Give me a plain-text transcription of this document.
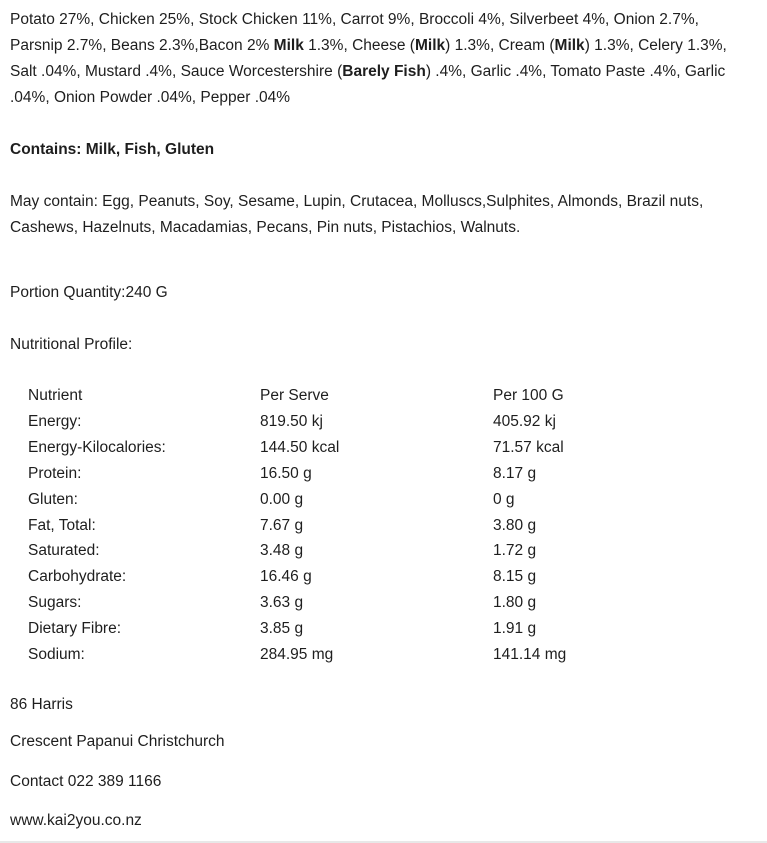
Potato 27%, Chicken 25%, Stock Chicken 11%, Carrot 9%, Broccoli 4%, Silverbeet 4%, Onion 2.7%, Parsnip 2.7%, Beans 2.3%,Bacon 2% Milk 1.3%, Cheese (Milk) 1.3%, Cream (Milk) 1.3%, Celery 1.3%, Salt .04%, Mustard .4%, Sauce Worcestershire (Barely Fish) .4%, Garlic .4%, Tomato Paste .4%, Garlic .04%, Onion Powder .04%, Pepper .04%

Contains: Milk, Fish, Gluten

May contain: Egg, Peanuts, Soy, Sesame, Lupin, Crutacea, Molluscs,Sulphites, Almonds, Brazil nuts, Cashews, Hazelnuts, Macadamias, Pecans, Pin nuts, Pistachios, Walnuts.

Portion Quantity:240 G

Nutritional Profile:

Nutrient	Per Serve	Per 100 G
Energy:	819.50 kj	405.92 kj
Energy-Kilocalories:	144.50 kcal	71.57 kcal
Protein:	16.50 g	8.17 g
Gluten:	0.00 g	0 g
Fat, Total:	7.67 g	3.80 g
Saturated:	3.48 g	1.72 g
Carbohydrate:	16.46 g	8.15 g
Sugars:	3.63 g	1.80 g
Dietary Fibre:	3.85 g	1.91 g
Sodium:	284.95 mg	141.14 mg

86 Harris

Crescent Papanui Christchurch

Contact 022 389 1166

www.kai2you.co.nz
